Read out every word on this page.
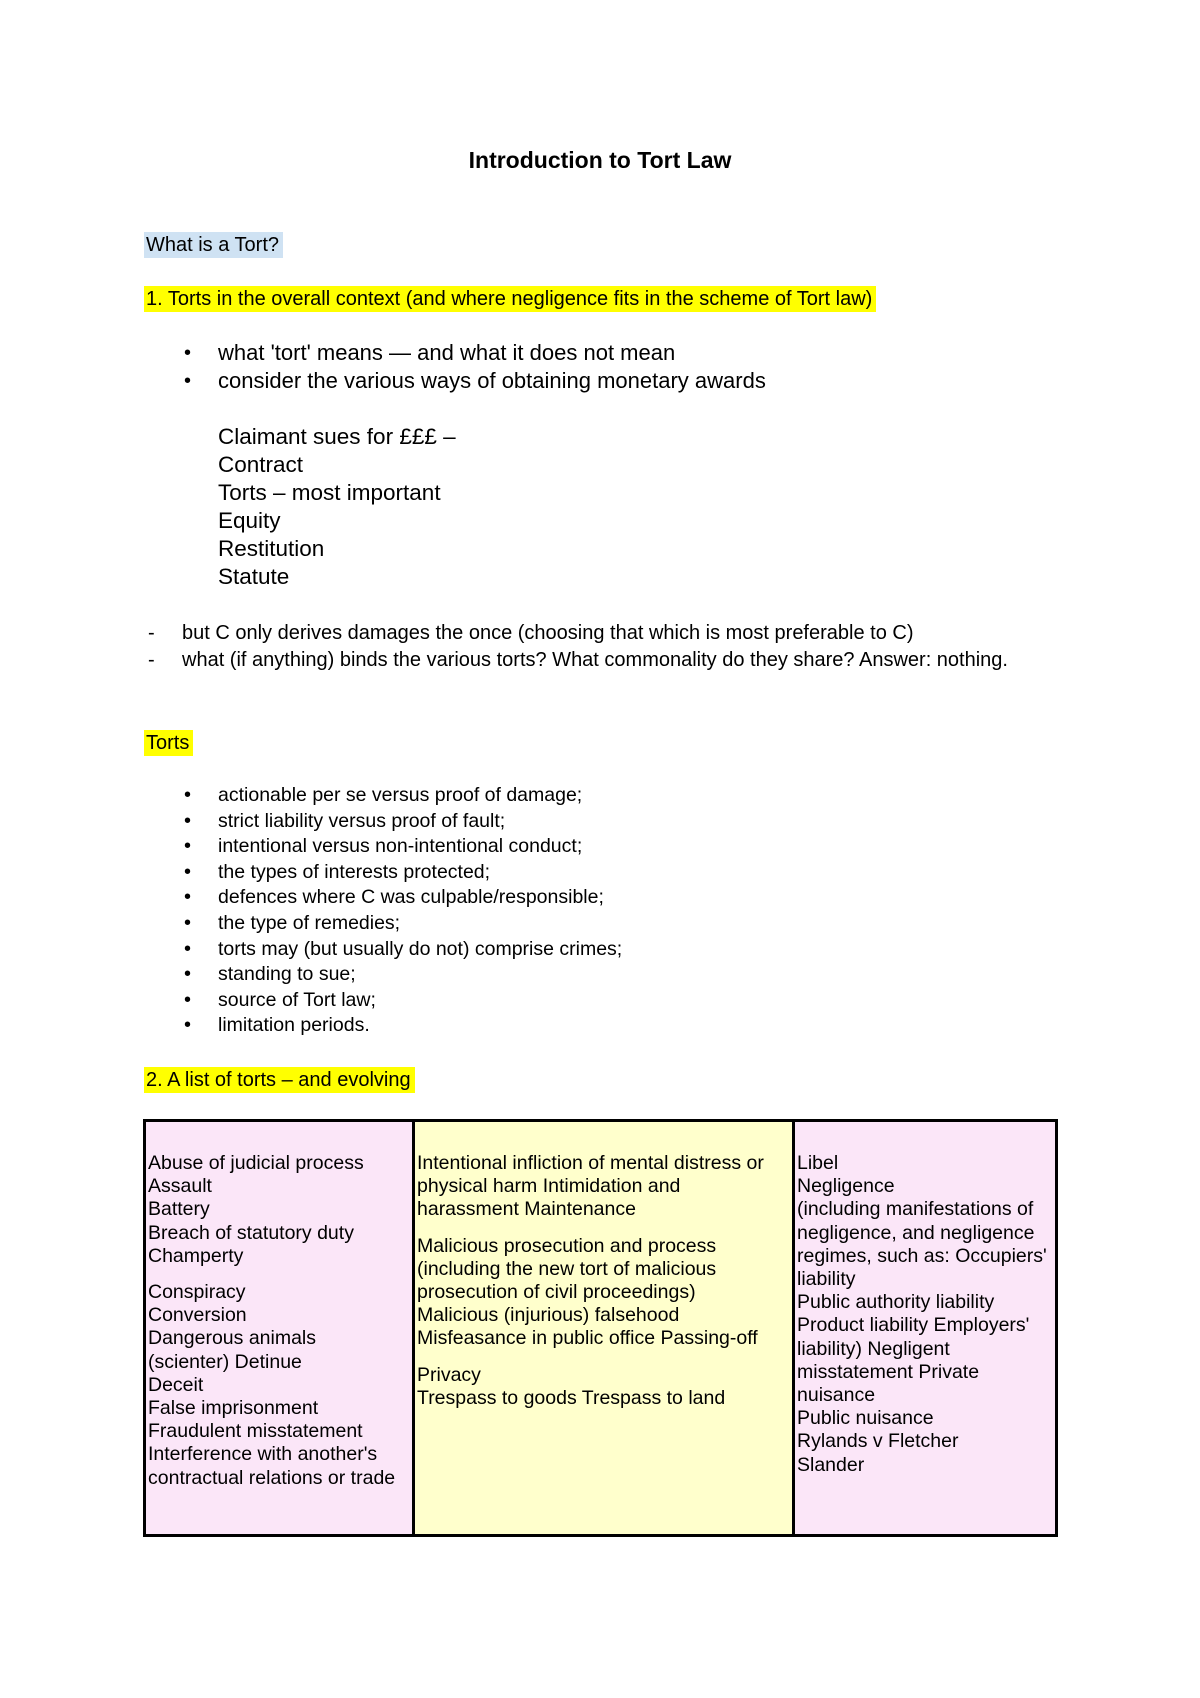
Introduction to Tort Law
What is a Tort?
1. Torts in the overall context (and where negligence fits in the scheme of Tort law)
• what 'tort' means — and what it does not mean
• consider the various ways of obtaining monetary awards
Claimant sues for £££ –
Contract
Torts – most important
Equity
Restitution
Statute
- but C only derives damages the once (choosing that which is most preferable to C)
- what (if anything) binds the various torts? What commonality do they share? Answer: nothing.
Torts
• actionable per se versus proof of damage;
• strict liability versus proof of fault;
• intentional versus non-intentional conduct;
• the types of interests protected;
• defences where C was culpable/responsible;
• the type of remedies;
• torts may (but usually do not) comprise crimes;
• standing to sue;
• source of Tort law;
• limitation periods.
2. A list of torts – and evolving
Abuse of judicial process
Assault
Battery
Breach of statutory duty
Champerty
Conspiracy
Conversion
Dangerous animals
(scienter) Detinue
Deceit
False imprisonment
Fraudulent misstatement
Interference with another's
contractual relations or trade

Intentional infliction of mental distress or
physical harm Intimidation and
harassment Maintenance
Malicious prosecution and process
(including the new tort of malicious
prosecution of civil proceedings)
Malicious (injurious) falsehood
Misfeasance in public office Passing-off
Privacy
Trespass to goods Trespass to land

Libel
Negligence
(including manifestations of
negligence, and negligence
regimes, such as: Occupiers'
liability
Public authority liability
Product liability Employers'
liability) Negligent
misstatement Private
nuisance
Public nuisance
Rylands v Fletcher
Slander
